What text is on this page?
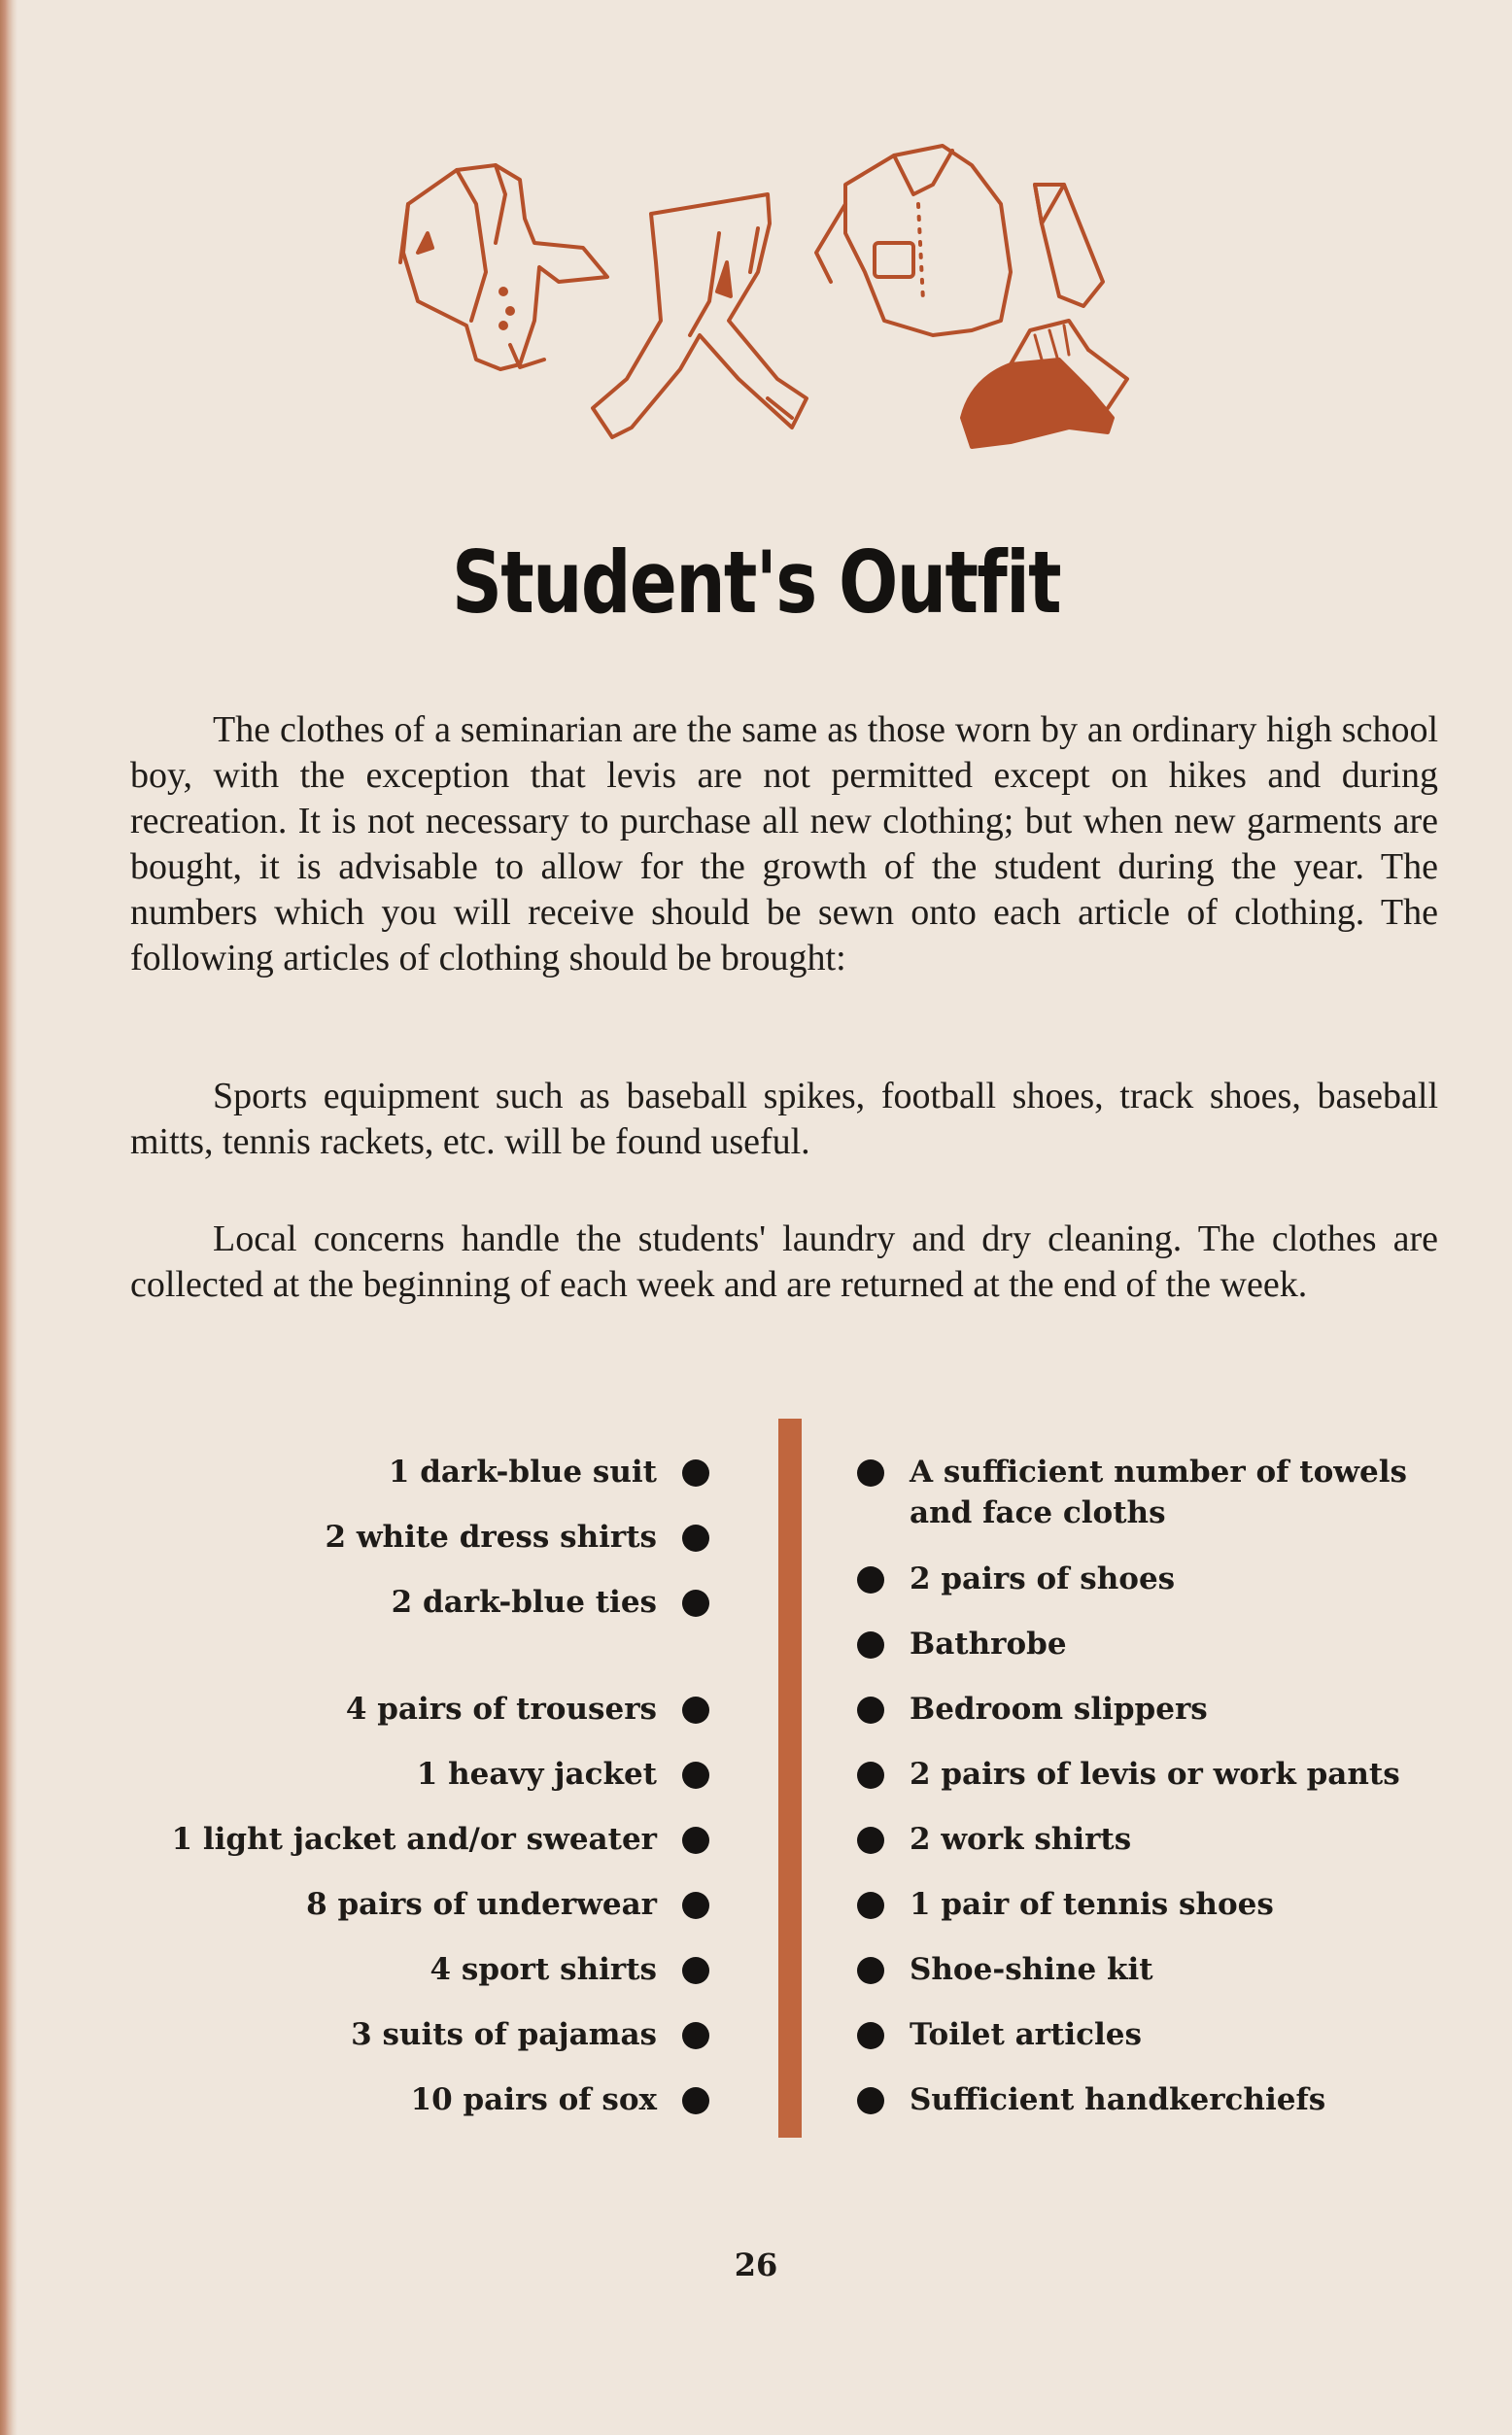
Student's Outfit

The clothes of a seminarian are the same as those worn by an ordinary high school boy, with the exception that levis are not permitted except on hikes and during recreation. It is not necessary to purchase all new clothing; but when new garments are bought, it is advisable to allow for the growth of the student during the year. The numbers which you will receive should be sewn onto each article of clothing. The following articles of clothing should be brought:

Sports equipment such as baseball spikes, football shoes, track shoes, baseball mitts, tennis rackets, etc. will be found useful.

Local concerns handle the students' laundry and dry cleaning. The clothes are collected at the beginning of each week and are returned at the end of the week.

1 dark-blue suit
2 white dress shirts
2 dark-blue ties
4 pairs of trousers
1 heavy jacket
1 light jacket and/or sweater
8 pairs of underwear
4 sport shirts
3 suits of pajamas
10 pairs of sox
A sufficient number of towels and face cloths
2 pairs of shoes
Bathrobe
Bedroom slippers
2 pairs of levis or work pants
2 work shirts
1 pair of tennis shoes
Shoe-shine kit
Toilet articles
Sufficient handkerchiefs
26
